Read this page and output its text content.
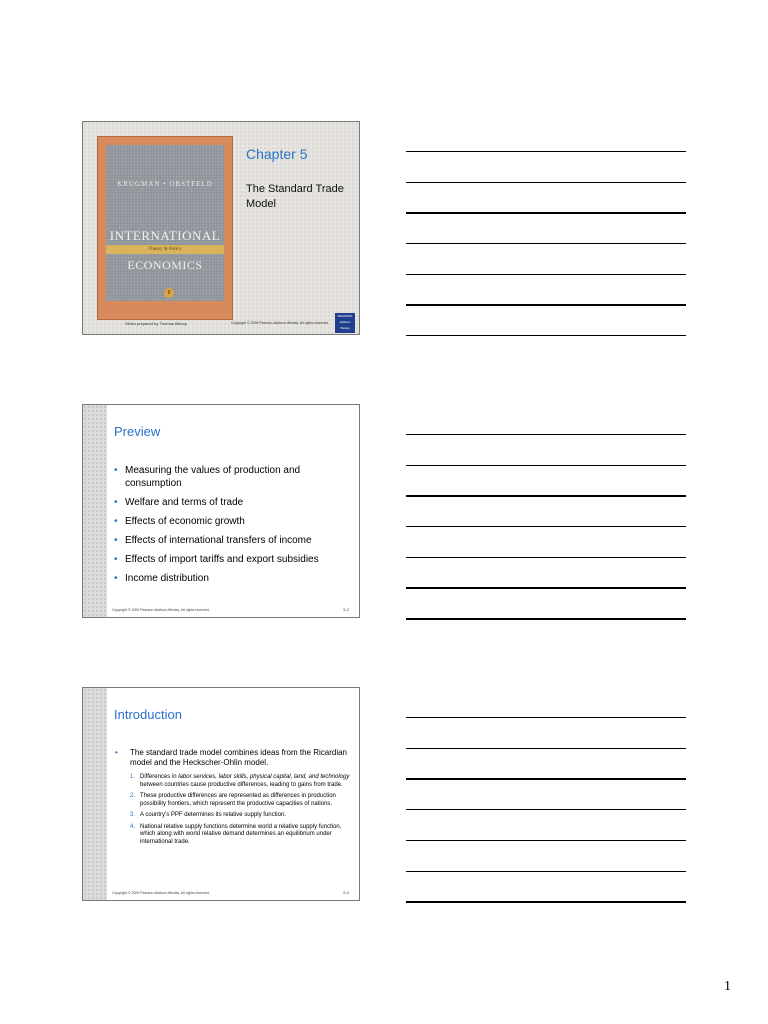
KRUGMAN • OBSTFELD
INTERNATIONAL
Theory & Policy
ECONOMICS
8
Chapter 5
The Standard Trade Model
Slides prepared by Thomas Bishop	Copyright © 2009 Pearson Addison-Wesley. All rights reserved.
PEARSON Addison Wesley
Preview
• Measuring the values of production and consumption
• Welfare and terms of trade
• Effects of economic growth
• Effects of international transfers of income
• Effects of import tariffs and export subsidies
• Income distribution
Copyright © 2009 Pearson Addison-Wesley. All rights reserved.	5-2
Introduction
•	The standard trade model combines ideas from the Ricardian model and the Heckscher-Ohlin model.
1. Differences in labor services, labor skills, physical capital, land, and technology between countries cause productive differences, leading to gains from trade.
2. These productive differences are represented as differences in production possibility frontiers, which represent the productive capacities of nations.
3. A country’s PPF determines its relative supply function.
4. National relative supply functions determine world a relative supply function, which along with world relative demand determines an equilibrium under international trade.
Copyright © 2009 Pearson Addison-Wesley. All rights reserved.	5-3
1
